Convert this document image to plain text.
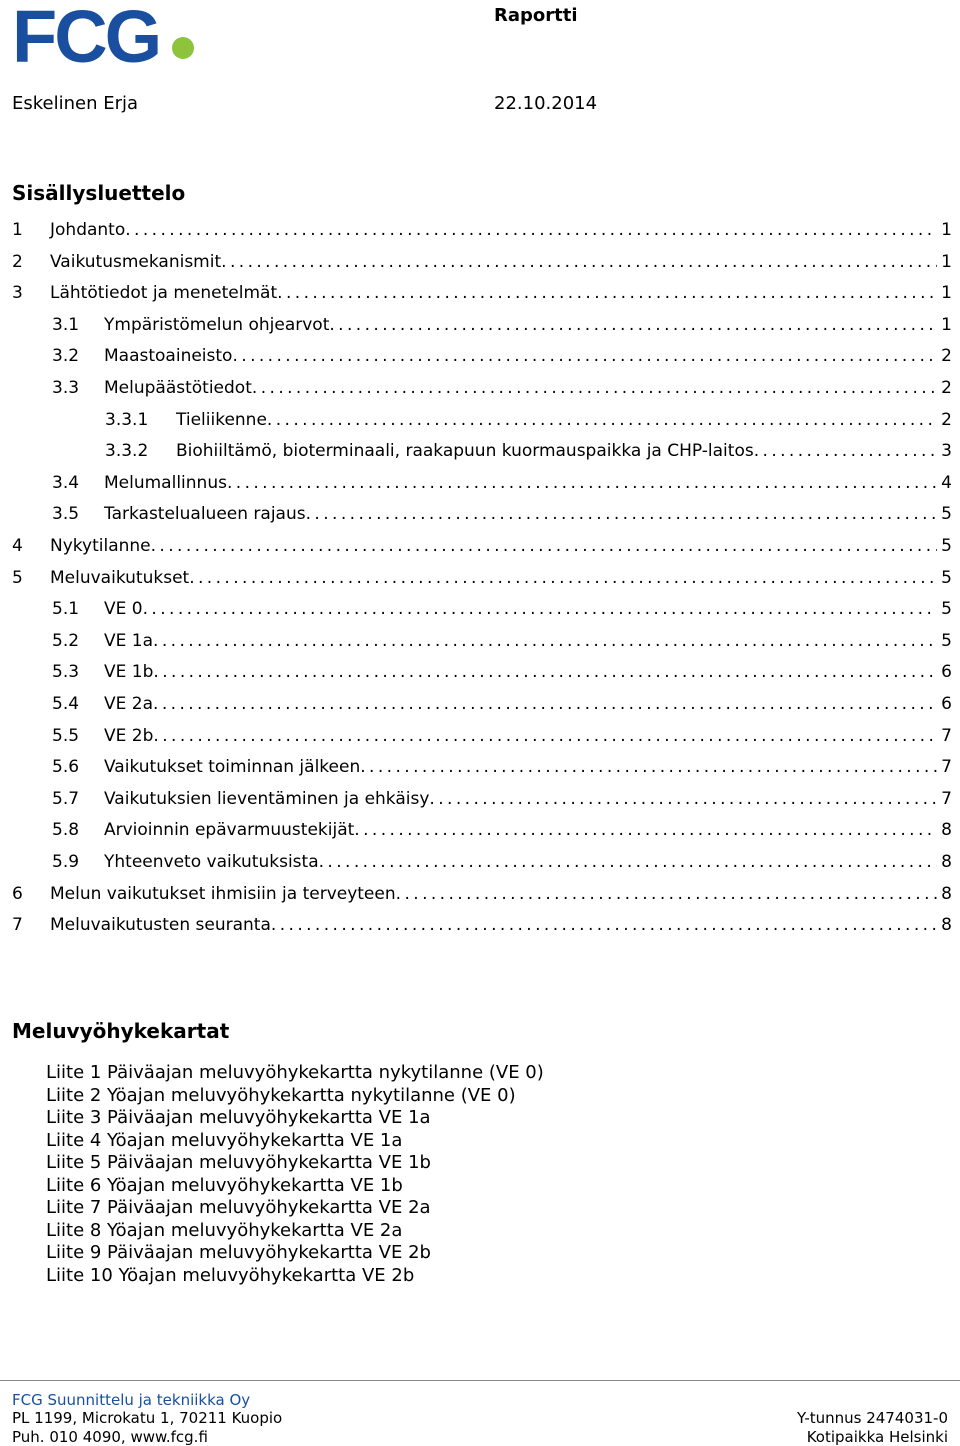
FCG	Raportti
Eskelinen Erja	22.10.2014
Sisällysluettelo
1 Johdanto . . .	1
2 Vaikutusmekanismit . . .	1
3 Lähtötiedot ja menetelmät . . .	1
3.1 Ympäristömelun ohjearvot . . .	1
3.2 Maastoaineisto . . .	2
3.3 Melupäästötiedot . . .	2
3.3.1 Tieliikenne . . .	2
3.3.2 Biohiiltämö, bioterminaali, raakapuun kuormauspaikka ja CHP-laitos . . .	3
3.4 Melumallinnus . . .	4
3.5 Tarkastelualueen rajaus . . .	5
4 Nykytilanne . . .	5
5 Meluvaikutukset . . .	5
5.1 VE 0 . . .	5
5.2 VE 1a . . .	5
5.3 VE 1b . . .	6
5.4 VE 2a . . .	6
5.5 VE 2b . . .	7
5.6 Vaikutukset toiminnan jälkeen . . .	7
5.7 Vaikutuksien lieventäminen ja ehkäisy . . .	7
5.8 Arvioinnin epävarmuustekijät . . .	8
5.9 Yhteenveto vaikutuksista . . .	8
6 Melun vaikutukset ihmisiin ja terveyteen . . .	8
7 Meluvaikutusten seuranta . . .	8
Meluvyöhykekartat
Liite 1 Päiväajan meluvyöhykekartta nykytilanne (VE 0)
Liite 2 Yöajan meluvyöhykekartta nykytilanne (VE 0)
Liite 3 Päiväajan meluvyöhykekartta VE 1a
Liite 4 Yöajan meluvyöhykekartta VE 1a
Liite 5 Päiväajan meluvyöhykekartta VE 1b
Liite 6 Yöajan meluvyöhykekartta VE 1b
Liite 7 Päiväajan meluvyöhykekartta VE 2a
Liite 8 Yöajan meluvyöhykekartta VE 2a
Liite 9 Päiväajan meluvyöhykekartta VE 2b
Liite 10 Yöajan meluvyöhykekartta VE 2b
FCG Suunnittelu ja tekniikka Oy
PL 1199, Microkatu 1, 70211 Kuopio
Puh. 010 4090, www.fcg.fi
Y-tunnus 2474031-0
Kotipaikka Helsinki
